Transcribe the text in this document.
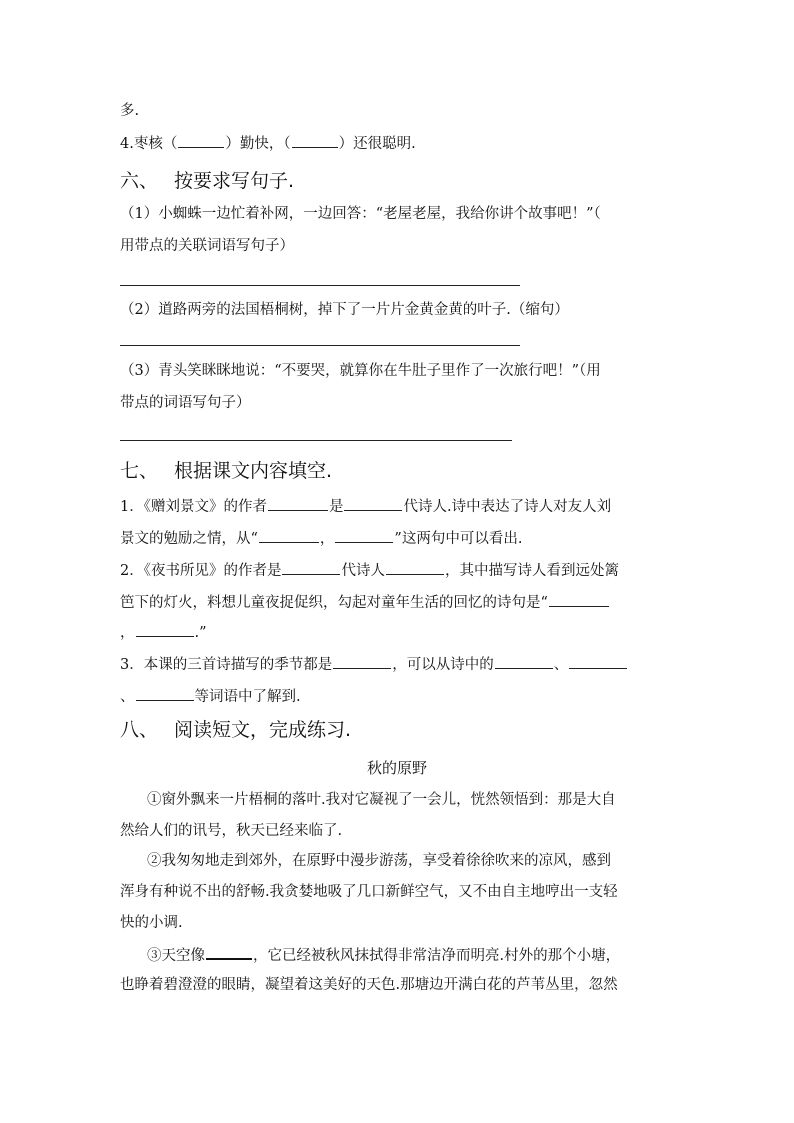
多.
4.枣核（	）勤快，（	）还很聪明.
六、 按要求写句子.
（1）小蜘蛛一边忙着补网，一边回答：“老屋老屋，我给你讲个故事吧！”（
用带点的关联词语写句子）
（2）道路两旁的法国梧桐树，掉下了一片片金黄金黄的叶子.（缩句）
（3）青头笑眯眯地说：“不要哭，就算你在牛肚子里作了一次旅行吧！”（用
带点的词语写句子）
七、 根据课文内容填空.
1．《赠刘景文》的作者	是	代诗人.诗中表达了诗人对友人刘
景文的勉励之情，从“	，	”这两句中可以看出.
2．《夜书所见》的作者是	代诗人	，其中描写诗人看到远处篱
笆下的灯火，料想儿童夜捉促织，勾起对童年生活的回忆的诗句是“
，	.”
3．本课的三首诗描写的季节都是	，可以从诗中的	、
、	等词语中了解到.
八、 阅读短文，完成练习.
秋的原野
①窗外飘来一片梧桐的落叶.我对它凝视了一会儿，恍然领悟到：那是大自
然给人们的讯号，秋天已经来临了.
②我匆匆地走到郊外，在原野中漫步游荡，享受着徐徐吹来的凉风，感到
浑身有种说不出的舒畅.我贪婪地吸了几口新鲜空气，又不由自主地哼出一支轻
快的小调.
③天空像	，它已经被秋风抹拭得非常洁净而明亮.村外的那个小塘，
也睁着碧澄澄的眼睛，凝望着这美好的天色.那塘边开满白花的芦苇丛里，忽然
